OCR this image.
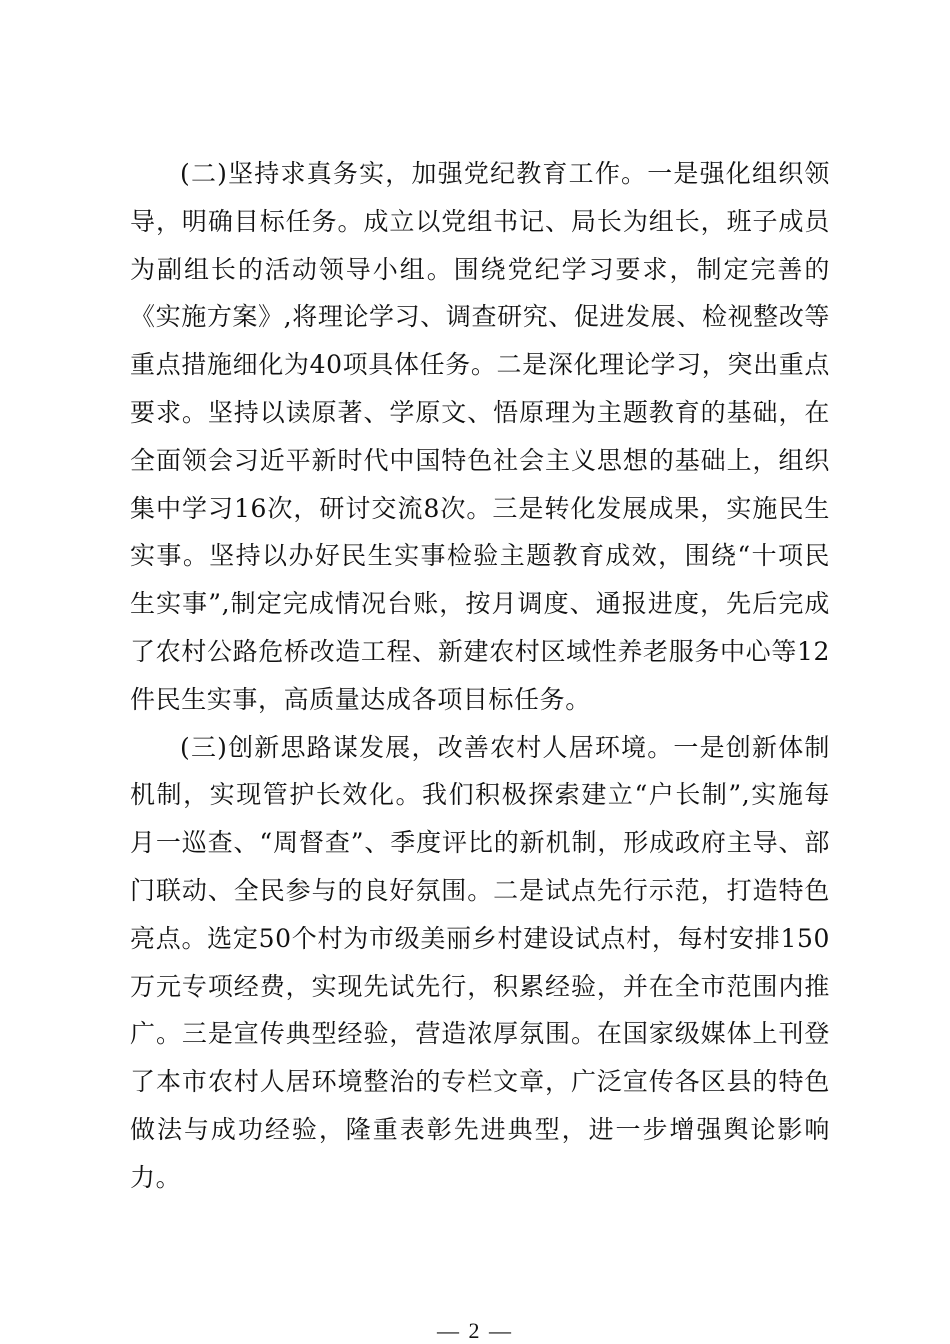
(二)坚持求真务实，加强党纪教育工作。一是强化组织领导，明确目标任务。成立以党组书记、局长为组长，班子成员为副组长的活动领导小组。围绕党纪学习要求，制定完善的《实施方案》,将理论学习、调查研究、促进发展、检视整改等重点措施细化为40项具体任务。二是深化理论学习，突出重点要求。坚持以读原著、学原文、悟原理为主题教育的基础，在全面领会习近平新时代中国特色社会主义思想的基础上，组织集中学习16次，研讨交流8次。三是转化发展成果，实施民生实事。坚持以办好民生实事检验主题教育成效，围绕“十项民生实事”,制定完成情况台账，按月调度、通报进度，先后完成了农村公路危桥改造工程、新建农村区域性养老服务中心等12件民生实事，高质量达成各项目标任务。

(三)创新思路谋发展，改善农村人居环境。一是创新体制机制，实现管护长效化。我们积极探索建立“户长制”,实施每月一巡查、“周督查”、季度评比的新机制，形成政府主导、部门联动、全民参与的良好氛围。二是试点先行示范，打造特色亮点。选定50个村为市级美丽乡村建设试点村，每村安排150万元专项经费，实现先试先行，积累经验，并在全市范围内推广。三是宣传典型经验，营造浓厚氛围。在国家级媒体上刊登了本市农村人居环境整治的专栏文章，广泛宣传各区县的特色做法与成功经验，隆重表彰先进典型，进一步增强舆论影响力。

— 2 —
